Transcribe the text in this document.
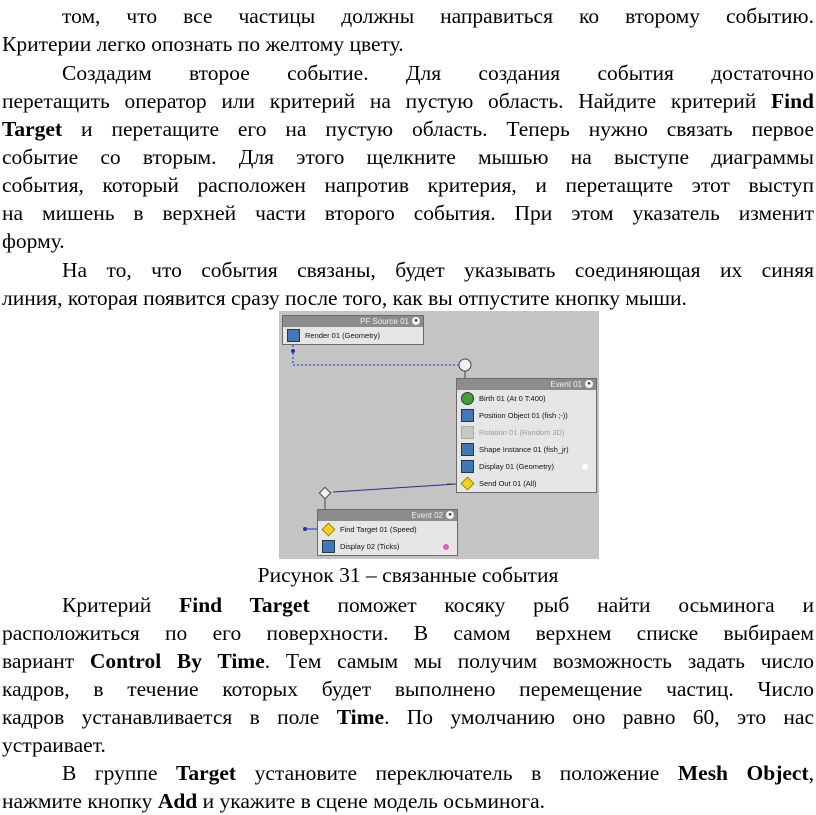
том, что все частицы должны направиться ко второму событию.
Критерии легко опознать по желтому цвету.

Создадим второе событие. Для создания события достаточно
перетащить оператор или критерий на пустую область. Найдите критерий Find
Target и перетащите его на пустую область. Теперь нужно связать первое
событие со вторым. Для этого щелкните мышью на выступе диаграммы
события, который расположен напротив критерия, и перетащите этот выступ
на мишень в верхней части второго события. При этом указатель изменит
форму.

На то, что события связаны, будет указывать соединяющая их синяя
линия, которая появится сразу после того, как вы отпустите кнопку мыши.

PF Source 01 ●
Render 01 (Geometry)
Event 01 ●
Birth 01 (At 0 T:400)
Position Object 01 (fish ;-))
Rotation 01 (Random 3D)
Shape Instance 01 (fish_jr)
Display 01 (Geometry)
Send Out 01 (All)
Event 02 ●
Find Target 01 (Speed)
Display 02 (Ticks)
Рисунок 31 – связанные события

Критерий Find Target поможет косяку рыб найти осьминога и
расположиться по его поверхности. В самом верхнем списке выбираем
вариант Control By Time. Тем самым мы получим возможность задать число
кадров, в течение которых будет выполнено перемещение частиц. Число
кадров устанавливается в поле Time. По умолчанию оно равно 60, это нас
устраивает.

В группе Target установите переключатель в положение Mesh Object,
нажмите кнопку Add и укажите в сцене модель осьминога.
